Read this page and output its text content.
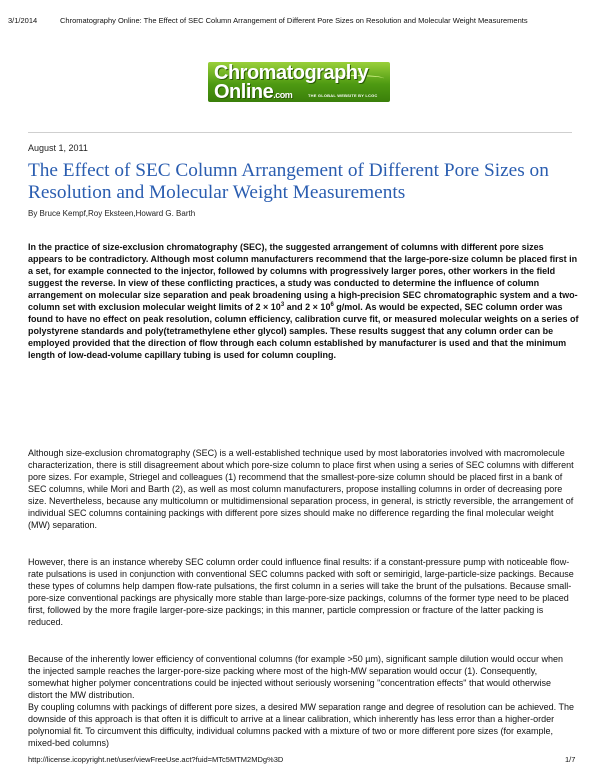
3/1/2014	Chromatography Online: The Effect of SEC Column Arrangement of Different Pore Sizes on Resolution and Molecular Weight Measurements
Chromatography
Online.com	THE GLOBAL WEBSITE BY LCGC
August 1, 2011
The Effect of SEC Column Arrangement of Different Pore Sizes on Resolution and Molecular Weight Measurements
By Bruce Kempf,Roy Eksteen,Howard G. Barth

In the practice of size-exclusion chromatography (SEC), the suggested arrangement of columns with different pore sizes appears to be contradictory. Although most column manufacturers recommend that the large-pore-size column be placed first in a set, for example connected to the injector, followed by columns with progressively larger pores, other workers in the field suggest the reverse. In view of these conflicting practices, a study was conducted to determine the influence of column arrangement on molecular size separation and peak broadening using a high-precision SEC chromatographic system and a two-column set with exclusion molecular weight limits of $2 \times 10^3$ and $2 \times 10^6$ g/mol. As would be expected, SEC column order was found to have no effect on peak resolution, column efficiency, calibration curve fit, or measured molecular weights on a series of polystyrene standards and poly(tetramethylene ether glycol) samples. These results suggest that any column order can be employed provided that the direction of flow through each column established by manufacturer is used and that the minimum length of low-dead-volume capillary tubing is used for column coupling.

Although size-exclusion chromatography (SEC) is a well-established technique used by most laboratories involved with macromolecule characterization, there is still disagreement about which pore-size column to place first when using a series of SEC columns with different pore sizes. For example, Striegel and colleagues (1) recommend that the smallest-pore-size column should be placed first in a bank of SEC columns, while Mori and Barth (2), as well as most column manufacturers, propose installing columns in order of decreasing pore size. Nevertheless, because any multicolumn or multidimensional separation process, in general, is strictly reversible, the arrangement of individual SEC columns containing packings with different pore sizes should make no difference regarding the final molecular weight (MW) separation.

However, there is an instance whereby SEC column order could influence final results: if a constant-pressure pump with noticeable flow-rate pulsations is used in conjunction with conventional SEC columns packed with soft or semirigid, large-particle-size packings. Because these types of columns help dampen flow-rate pulsations, the first column in a series will take the brunt of the pulsations. Because small-pore-size conventional packings are physically more stable than large-pore-size packings, columns of the former type need to be placed first, followed by the more fragile larger-pore-size packings; in this manner, particle compression or fracture of the latter packing is reduced.

Because of the inherently lower efficiency of conventional columns (for example >50 µm), significant sample dilution would occur when the injected sample reaches the larger-pore-size packing where most of the high-MW separation would occur (1). Consequently, somewhat higher polymer concentrations could be injected without seriously worsening "concentration effects" that would otherwise distort the MW distribution.

By coupling columns with packings of different pore sizes, a desired MW separation range and degree of resolution can be achieved. The downside of this approach is that often it is difficult to arrive at a linear calibration, which inherently has less error than a higher-order polynomial fit. To circumvent this difficulty, individual columns packed with a mixture of two or more different pore sizes (for example, mixed-bed columns)

http://license.icopyright.net/user/viewFreeUse.act?fuid=MTc5MTM2MDg%3D	1/7
